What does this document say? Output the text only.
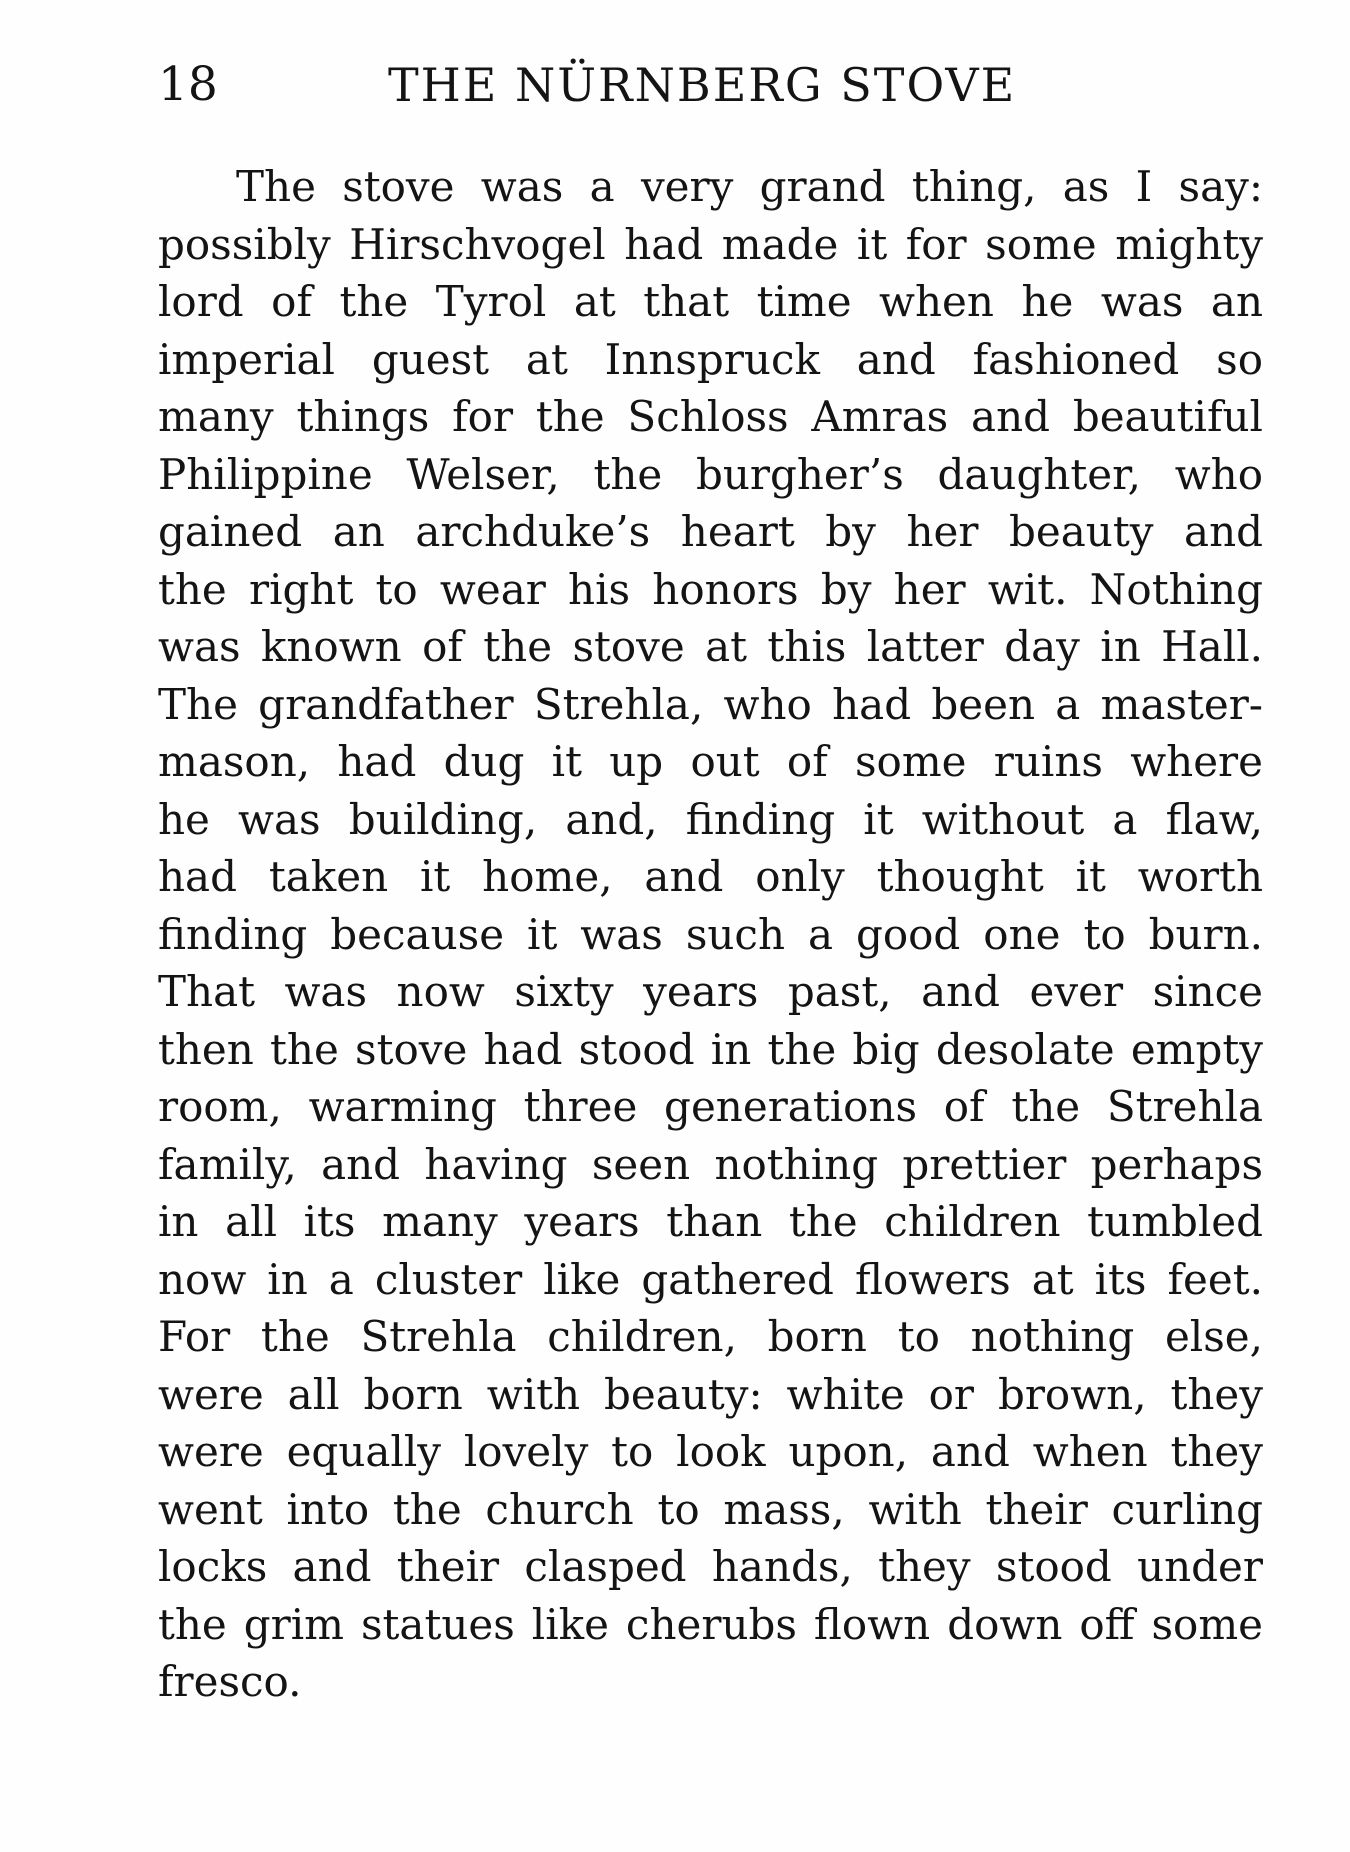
18	THE NÜRNBERG STOVE
The stove was a very grand thing, as I say:
possibly Hirschvogel had made it for some mighty
lord of the Tyrol at that time when he was an
imperial guest at Innspruck and fashioned so
many things for the Schloss Amras and beautiful
Philippine Welser, the burgher’s daughter, who
gained an archduke’s heart by her beauty and
the right to wear his honors by her wit. Nothing
was known of the stove at this latter day in Hall.
The grandfather Strehla, who had been a master-
mason, had dug it up out of some ruins where
he was building, and, finding it without a flaw,
had taken it home, and only thought it worth
finding because it was such a good one to burn.
That was now sixty years past, and ever since
then the stove had stood in the big desolate empty
room, warming three generations of the Strehla
family, and having seen nothing prettier perhaps
in all its many years than the children tumbled
now in a cluster like gathered flowers at its feet.
For the Strehla children, born to nothing else,
were all born with beauty: white or brown, they
were equally lovely to look upon, and when they
went into the church to mass, with their curling
locks and their clasped hands, they stood under
the grim statues like cherubs flown down off some
fresco.
